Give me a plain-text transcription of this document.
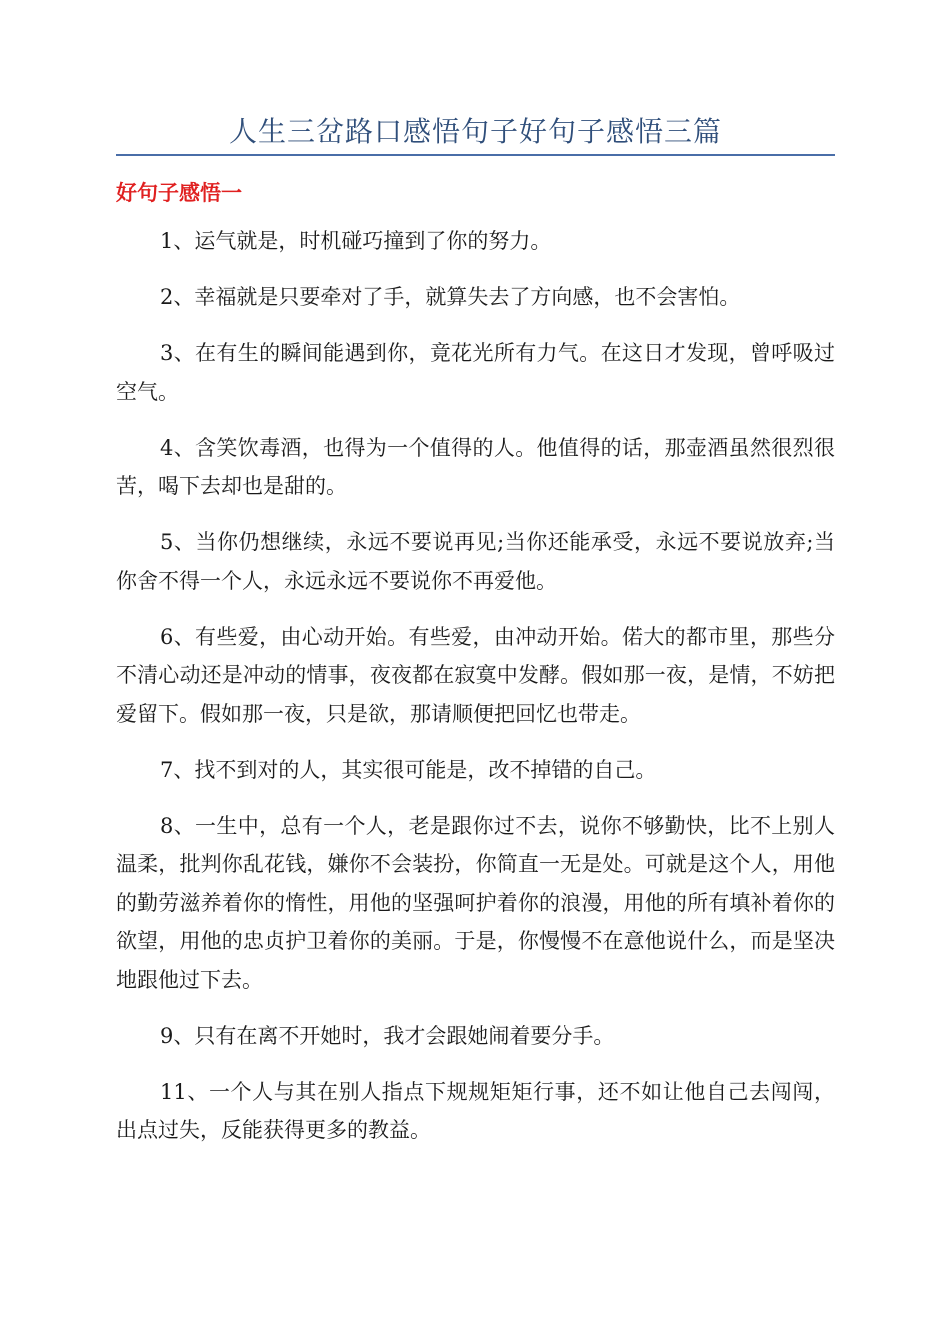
人生三岔路口感悟句子好句子感悟三篇
好句子感悟一
1、运气就是，时机碰巧撞到了你的努力。
2、幸福就是只要牵对了手，就算失去了方向感，也不会害怕。
3、在有生的瞬间能遇到你，竟花光所有力气。在这日才发现，曾呼吸过空气。
4、含笑饮毒酒，也得为一个值得的人。他值得的话，那壶酒虽然很烈很苦，喝下去却也是甜的。
5、当你仍想继续，永远不要说再见;当你还能承受，永远不要说放弃;当你舍不得一个人，永远永远不要说你不再爱他。
6、有些爱，由心动开始。有些爱，由冲动开始。偌大的都市里，那些分不清心动还是冲动的情事，夜夜都在寂寞中发酵。假如那一夜，是情，不妨把爱留下。假如那一夜，只是欲，那请顺便把回忆也带走。
7、找不到对的人，其实很可能是，改不掉错的自己。
8、一生中，总有一个人，老是跟你过不去，说你不够勤快，比不上别人温柔，批判你乱花钱，嫌你不会装扮，你简直一无是处。可就是这个人，用他的勤劳滋养着你的惰性，用他的坚强呵护着你的浪漫，用他的所有填补着你的欲望，用他的忠贞护卫着你的美丽。于是，你慢慢不在意他说什么，而是坚决地跟他过下去。
9、只有在离不开她时，我才会跟她闹着要分手。
11、一个人与其在别人指点下规规矩矩行事，还不如让他自己去闯闯，出点过失，反能获得更多的教益。
